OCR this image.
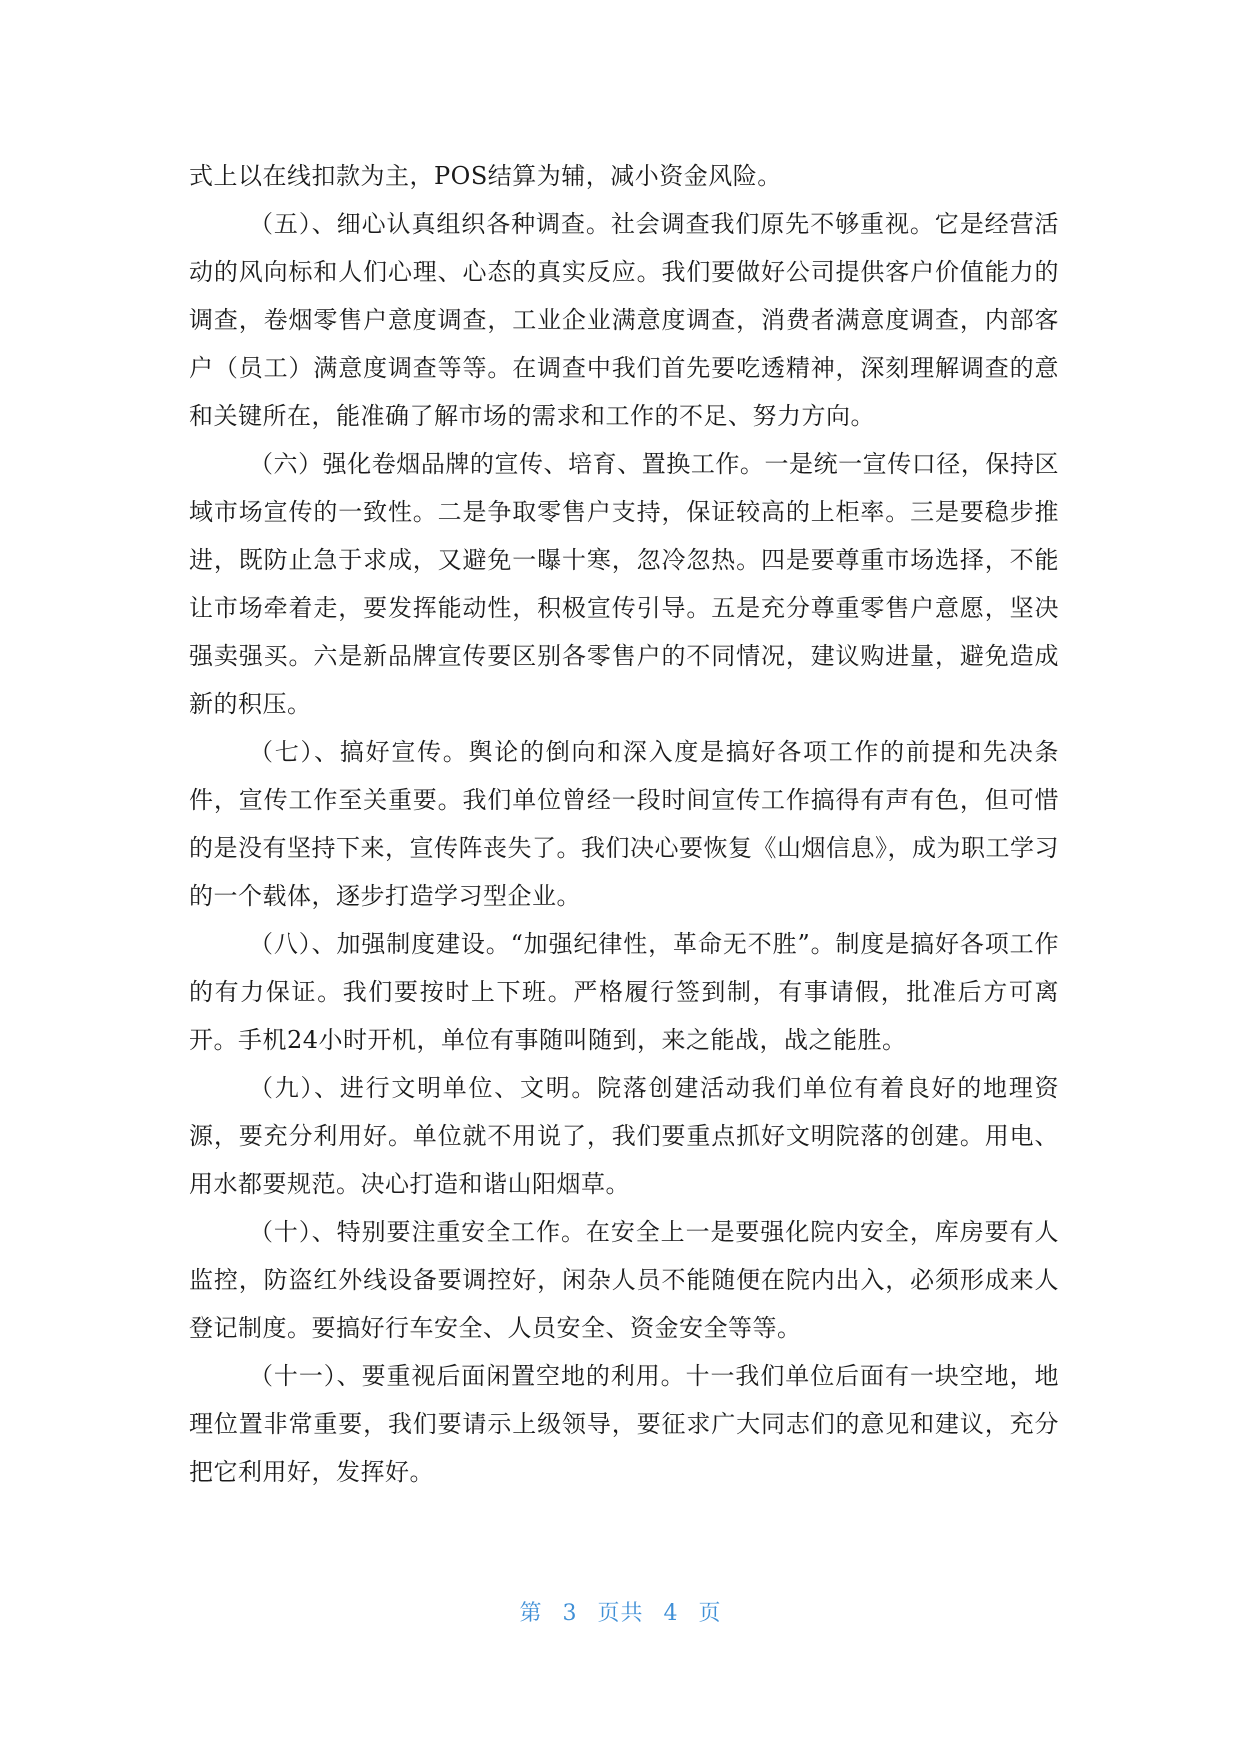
式上以在线扣款为主，POS结算为辅，减小资金风险。

（五）、细心认真组织各种调查。社会调查我们原先不够重视。它是经营活动的风向标和人们心理、心态的真实反应。我们要做好公司提供客户价值能力的调查，卷烟零售户意度调查，工业企业满意度调查，消费者满意度调查，内部客户（员工）满意度调查等等。在调查中我们首先要吃透精神，深刻理解调查的意和关键所在，能准确了解市场的需求和工作的不足、努力方向。

（六）强化卷烟品牌的宣传、培育、置换工作。一是统一宣传口径，保持区域市场宣传的一致性。二是争取零售户支持，保证较高的上柜率。三是要稳步推进，既防止急于求成，又避免一曝十寒，忽冷忽热。四是要尊重市场选择，不能让市场牵着走，要发挥能动性，积极宣传引导。五是充分尊重零售户意愿，坚决强卖强买。六是新品牌宣传要区别各零售户的不同情况，建议购进量，避免造成新的积压。

（七）、搞好宣传。舆论的倒向和深入度是搞好各项工作的前提和先决条件，宣传工作至关重要。我们单位曾经一段时间宣传工作搞得有声有色，但可惜的是没有坚持下来，宣传阵丧失了。我们决心要恢复《山烟信息》，成为职工学习的一个载体，逐步打造学习型企业。

（八）、加强制度建设。“加强纪律性，革命无不胜”。制度是搞好各项工作的有力保证。我们要按时上下班。严格履行签到制，有事请假，批准后方可离开。手机24小时开机，单位有事随叫随到，来之能战，战之能胜。

（九）、进行文明单位、文明。院落创建活动我们单位有着良好的地理资源，要充分利用好。单位就不用说了，我们要重点抓好文明院落的创建。用电、用水都要规范。决心打造和谐山阳烟草。

（十）、特别要注重安全工作。在安全上一是要强化院内安全，库房要有人监控，防盗红外线设备要调控好，闲杂人员不能随便在院内出入，必须形成来人登记制度。要搞好行车安全、人员安全、资金安全等等。

（十一）、要重视后面闲置空地的利用。十一我们单位后面有一块空地，地理位置非常重要，我们要请示上级领导，要征求广大同志们的意见和建议，充分把它利用好，发挥好。

第 3 页共 4 页
